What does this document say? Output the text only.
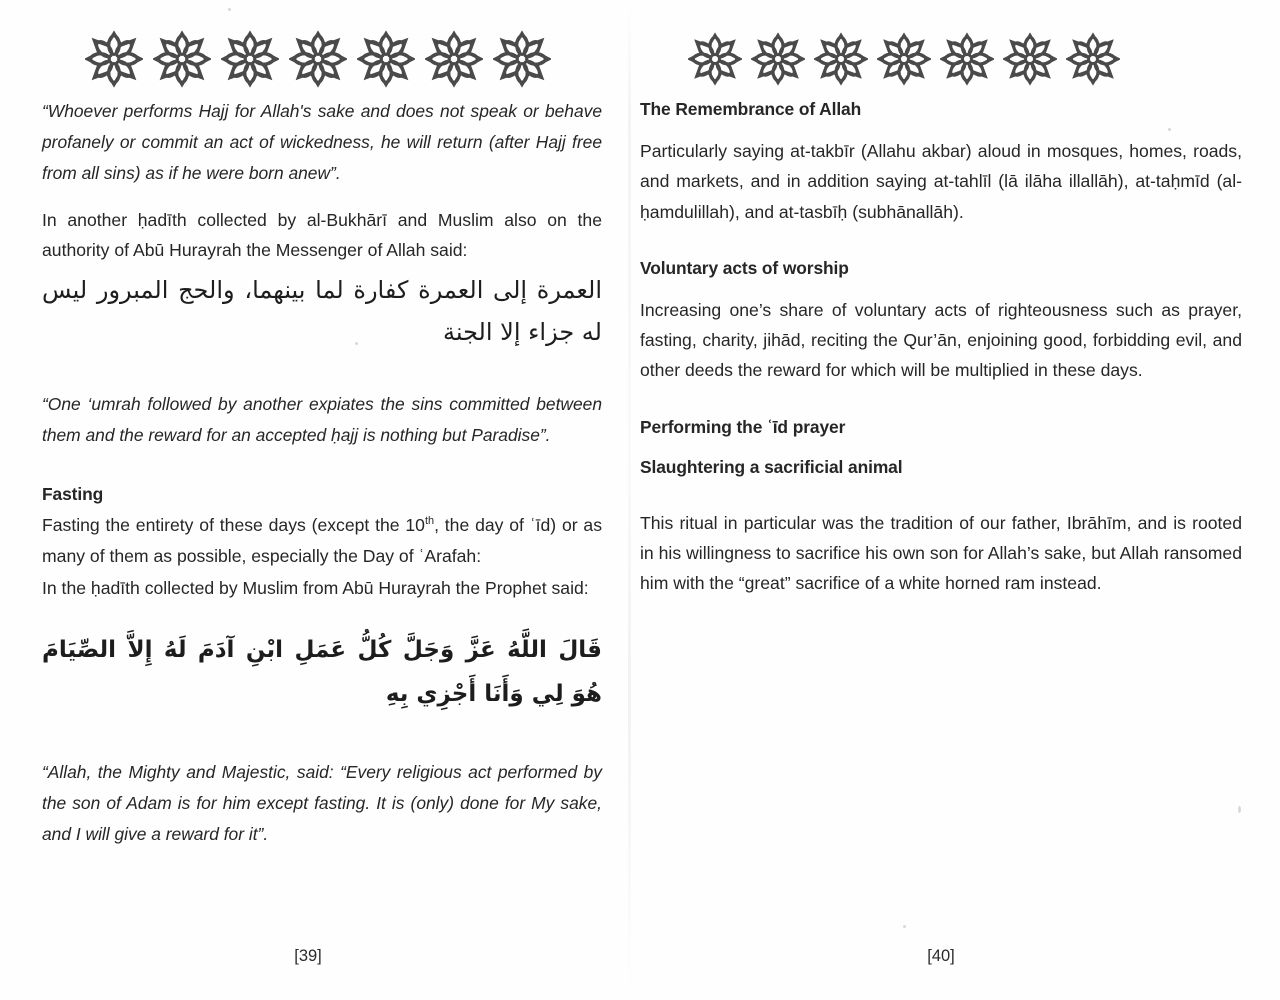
“Whoever performs Hajj for Allah's sake and does not speak or behave profanely or commit an act of wickedness, he will return (after Hajj free from all sins) as if he were born anew”.

In another ḥadīth collected by al-Bukhārī and Muslim also on the authority of Abū Hurayrah the Messenger of Allah said:

العمرة إلى العمرة كفارة لما بينهما، والحج المبرور ليس له جزاء إلا الجنة

“One ‘umrah followed by another expiates the sins committed between them and the reward for an accepted ḥajj is nothing but Paradise”.

Fasting

Fasting the entirety of these days (except the 10th, the day of ʿīd) or as many of them as possible, especially the Day of ʿArafah:

In the ḥadīth collected by Muslim from Abū Hurayrah the Prophet said:

قَالَ اللَّهُ عَزَّ وَجَلَّ كُلُّ عَمَلِ ابْنِ آدَمَ لَهُ إِلاَّ الصِّيَامَ هُوَ لِي وَأَنَا أَجْزِي بِهِ

“Allah, the Mighty and Majestic, said: “Every religious act performed by the son of Adam is for him except fasting. It is (only) done for My sake, and I will give a reward for it”.

[39]
The Remembrance of Allah

Particularly saying at-takbīr (Allahu akbar) aloud in mosques, homes, roads, and markets, and in addition saying at-tahlīl (lā ilāha illallāh), at-taḥmīd (al-ḥamdulillah), and at-tasbīḥ (subhānallāh).

Voluntary acts of worship

Increasing one’s share of voluntary acts of righteousness such as prayer, fasting, charity, jihād, reciting the Qur’ān, enjoining good, forbidding evil, and other deeds the reward for which will be multiplied in these days.

Performing the ʿīd prayer
Slaughtering a sacrificial animal

This ritual in particular was the tradition of our father, Ibrāhīm, and is rooted in his willingness to sacrifice his own son for Allah’s sake, but Allah ransomed him with the “great” sacrifice of a white horned ram instead.

[40]
